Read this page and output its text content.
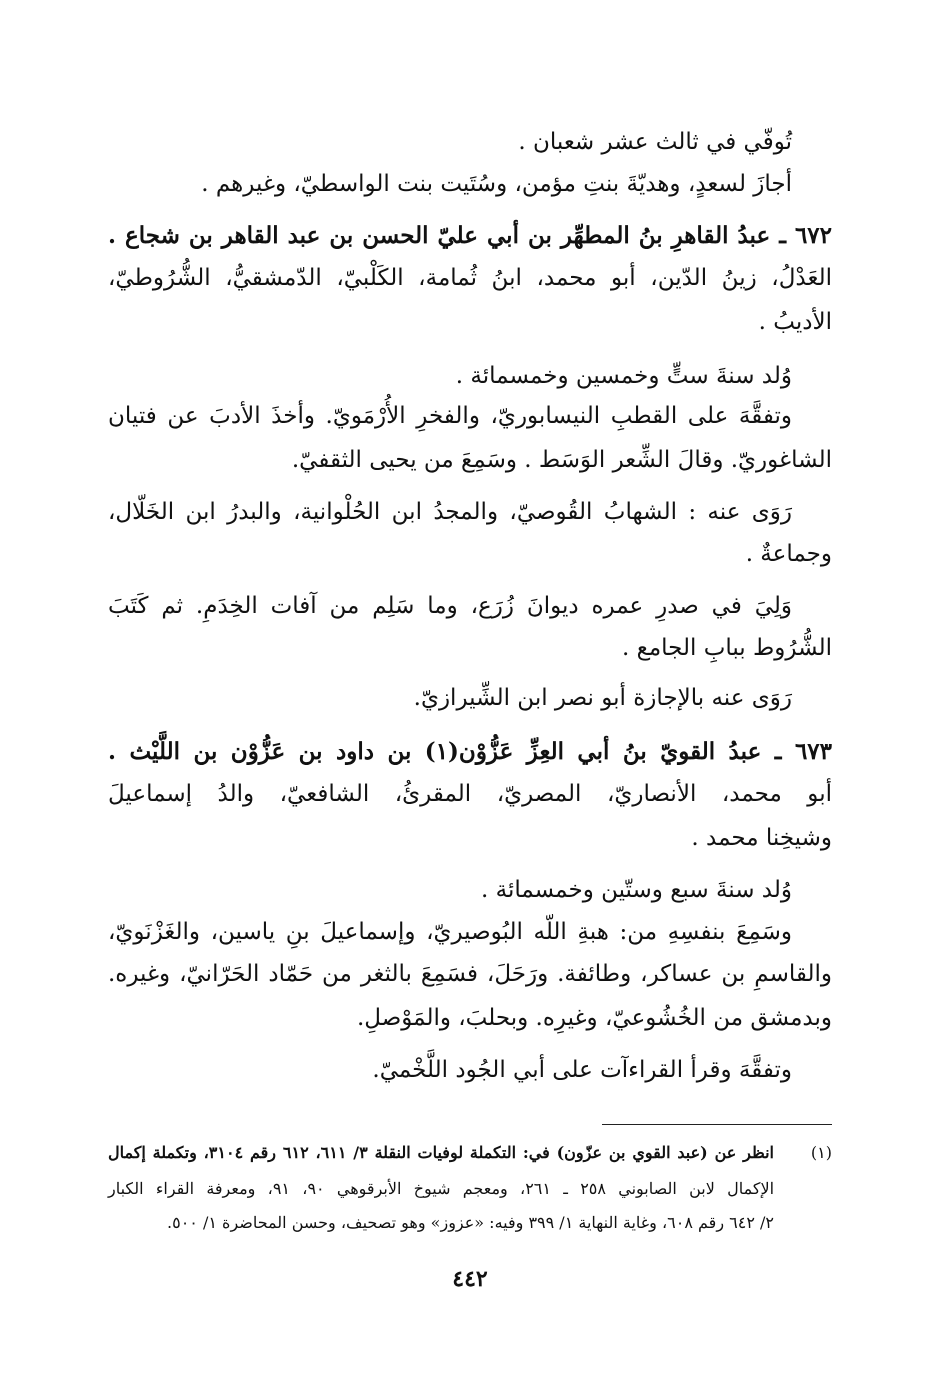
تُوفّي في ثالث عشر شعبان .
أجازَ لسعدٍ، وهديّةَ بنتِ مؤمن، وسُتَيت بنت الواسطيّ، وغيرهم .
٦٧٢ ـ عبدُ القاهرِ بنُ المطهِّر بن أبي عليّ الحسن بن عبد القاهر بن شجاع .
العَدْلُ، زينُ الدّين، أبو محمد، ابنُ ثُمامة، الكَلْبيّ، الدّمشقيُّ، الشُّرُوطيّ،
الأديبُ .
وُلد سنةَ ستٍّ وخمسين وخمسمائة .
وتفقَّهَ على القطبِ النيسابوريّ، والفخرِ الأُرْمَويّ. وأخذَ الأدبَ عن فتيان
الشاغوريّ. وقالَ الشِّعر الوَسَط . وسَمِعَ من يحيى الثقفيّ.
رَوَى عنه : الشهابُ القُوصيّ، والمجدُ ابن الحُلْوانية، والبدرُ ابن الخَلّال،
وجماعةٌ .
وَلِيَ في صدرِ عمره ديوانَ زُرَع، وما سَلِم من آفات الخِدَمِ. ثم كَتَبَ
الشُّرُوط ببابِ الجامع .
رَوَى عنه بالإجازة أبو نصر ابن الشِّيرازيّ.
٦٧٣ ـ عبدُ القويّ بنُ أبي العِزِّ عَزُّوْن(١) بن داود بن عَزُّوْن بن اللَّيْث .
أبو محمد، الأنصاريّ، المصريّ، المقرئُ، الشافعيّ، والدُ إسماعيلَ
وشيخِنا محمد .
وُلد سنةَ سبع وستّين وخمسمائة .
وسَمِعَ بنفسِهِ من: هبةِ اللّه البُوصيريّ، وإسماعيلَ بنِ ياسين، والغَزْنَويّ،
والقاسمِ بن عساكر، وطائفة. ورَحَلَ، فسَمِعَ بالثغر من حَمّاد الحَرّانيّ، وغيره.
وبدمشق من الخُشُوعيّ، وغيرِه. وبحلبَ، والمَوْصلِ.
وتفقَّهَ وقرأ القراءآت على أبي الجُود اللَّخْميّ.
(١)
انظر عن (عبد القوي بن عزّون) في: التكملة لوفيات النقلة ٣/ ٦١١، ٦١٢ رقم ٣١٠٤، وتكملة إكمال
الإكمال لابن الصابوني ٢٥٨ ـ ٢٦١، ومعجم شيوخ الأبرقوهي ٩٠، ٩١، ومعرفة القراء الكبار
٢/ ٦٤٢ رقم ٦٠٨، وغاية النهاية ١/ ٣٩٩ وفيه: «عزوز» وهو تصحيف، وحسن المحاضرة ١/ ٥٠٠.
٤٤٢
